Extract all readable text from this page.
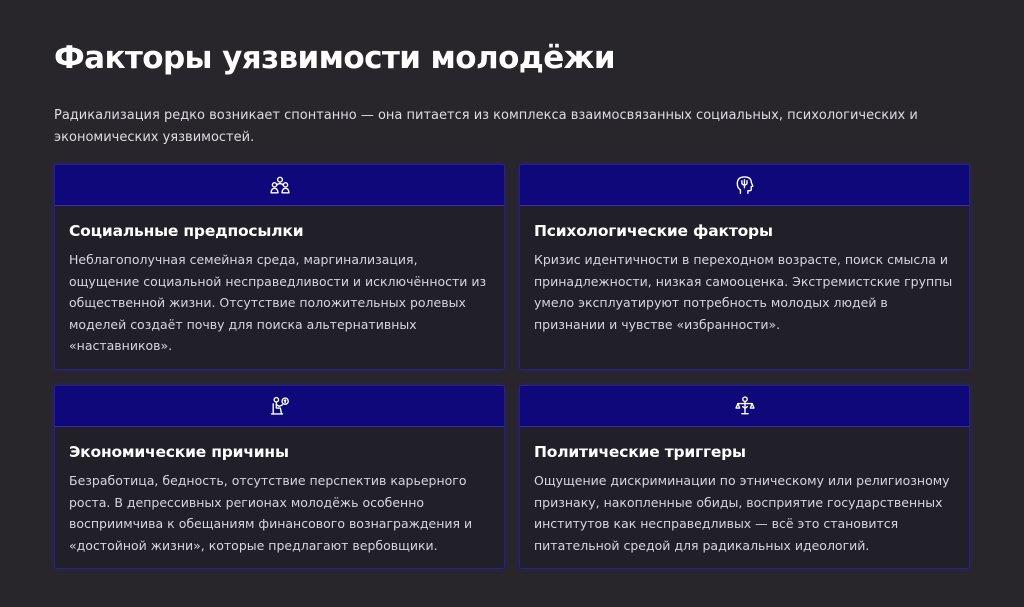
Факторы уязвимости молодёжи

Радикализация редко возникает спонтанно — она питается из комплекса взаимосвязанных социальных, психологических и экономических уязвимостей.

Социальные предпосылки
Неблагополучная семейная среда, маргинализация, ощущение социальной несправедливости и исключённости из общественной жизни. Отсутствие положительных ролевых моделей создаёт почву для поиска альтернативных «наставников».
Психологические факторы
Кризис идентичности в переходном возрасте, поиск смысла и принадлежности, низкая самооценка. Экстремистские группы умело эксплуатируют потребность молодых людей в признании и чувстве «избранности».
Экономические причины
Безработица, бедность, отсутствие перспектив карьерного роста. В депрессивных регионах молодёжь особенно восприимчива к обещаниям финансового вознаграждения и «достойной жизни», которые предлагают вербовщики.
Политические триггеры
Ощущение дискриминации по этническому или религиозному признаку, накопленные обиды, восприятие государственных институтов как несправедливых — всё это становится питательной средой для радикальных идеологий.
